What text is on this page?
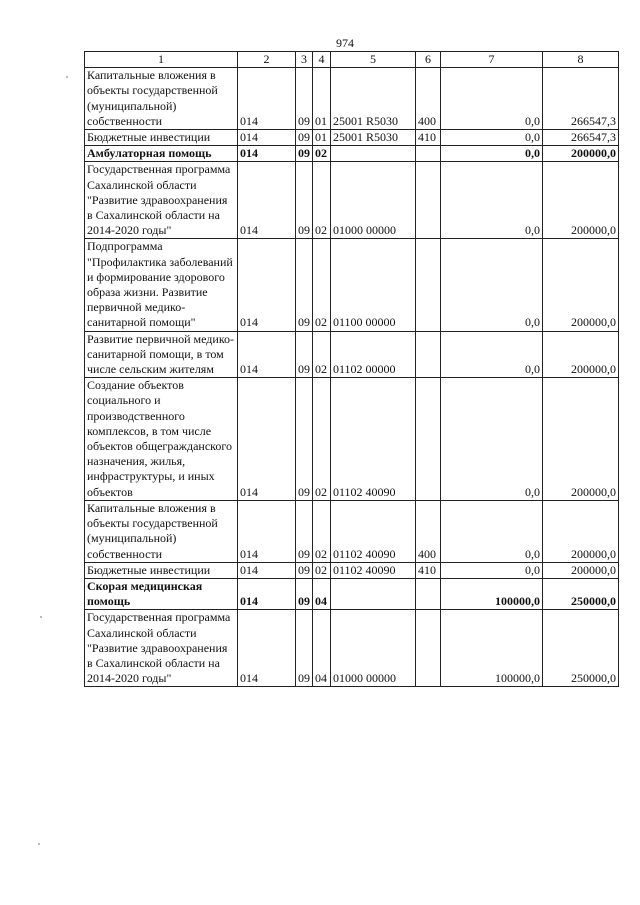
974
1	2	3	4	5	6	7	8
Капитальные вложения в объекты государственной (муниципальной) собственности	014	09	01	25001 R5030	400	0,0	266547,3
Бюджетные инвестиции	014	09	01	25001 R5030	410	0,0	266547,3
Амбулаторная помощь	014	09	02			0,0	200000,0
Государственная программа Сахалинской области "Развитие здравоохранения в Сахалинской области на 2014-2020 годы"	014	09	02	01000 00000		0,0	200000,0
Подпрограмма "Профилактика заболеваний и формирование здорового образа жизни. Развитие первичной медико-санитарной помощи"	014	09	02	01100 00000		0,0	200000,0
Развитие первичной медико-санитарной помощи, в том числе сельским жителям	014	09	02	01102 00000		0,0	200000,0
Создание объектов социального и производственного комплексов, в том числе объектов общегражданского назначения, жилья, инфраструктуры, и иных объектов	014	09	02	01102 40090		0,0	200000,0
Капитальные вложения в объекты государственной (муниципальной) собственности	014	09	02	01102 40090	400	0,0	200000,0
Бюджетные инвестиции	014	09	02	01102 40090	410	0,0	200000,0
Скорая медицинская помощь	014	09	04			100000,0	250000,0
Государственная программа Сахалинской области "Развитие здравоохранения в Сахалинской области на 2014-2020 годы"	014	09	04	01000 00000		100000,0	250000,0
